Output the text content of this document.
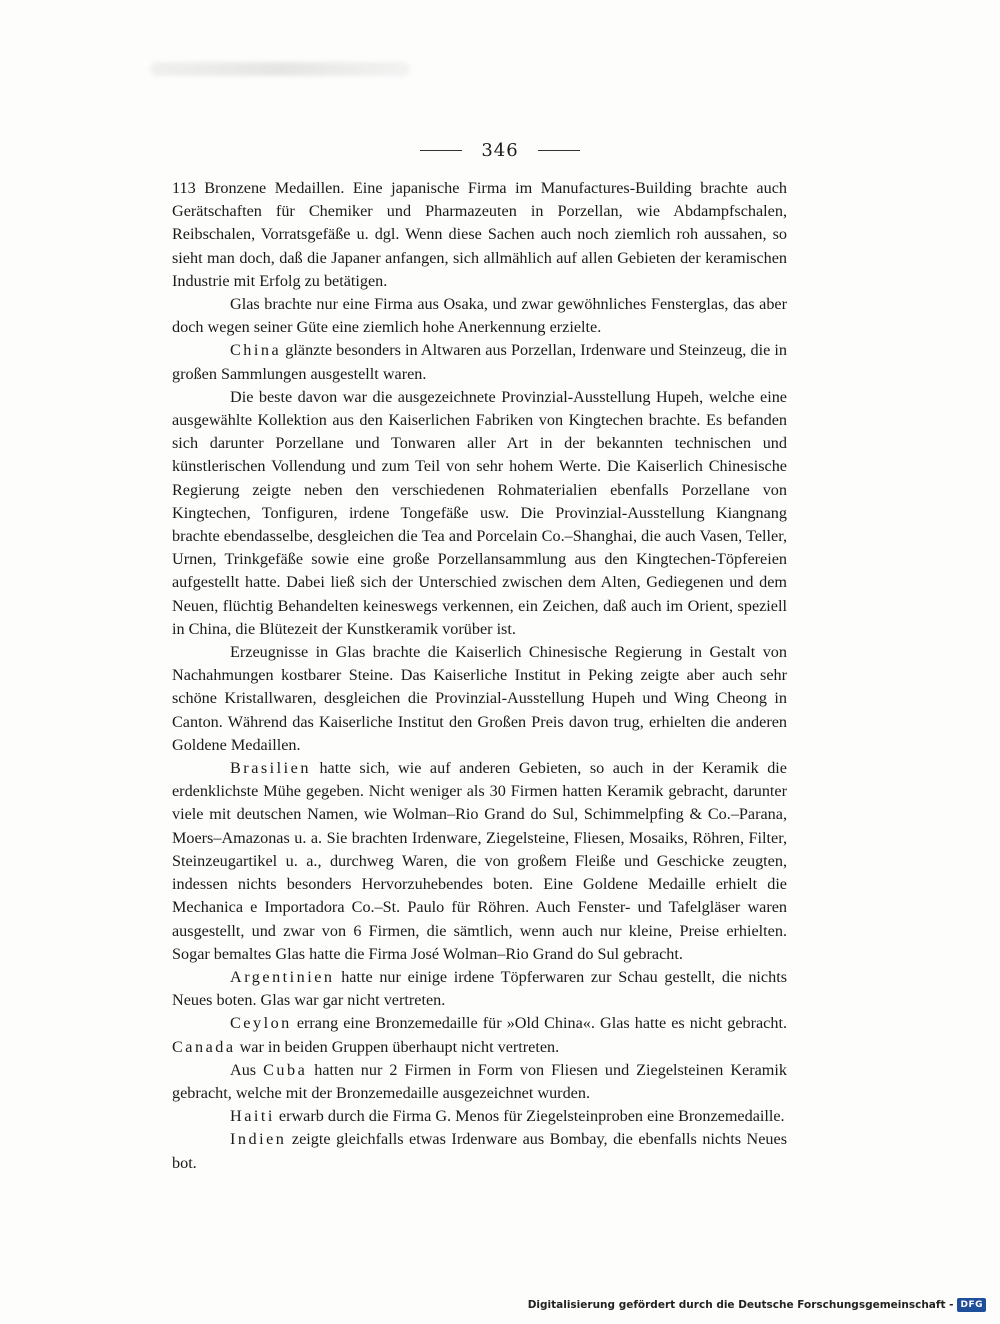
346

113 Bronzene Medaillen. Eine japanische Firma im Manufactures-Building brachte auch Gerätschaften für Chemiker und Pharmazeuten in Porzellan, wie Abdampfschalen, Reibschalen, Vorratsgefäße u. dgl. Wenn diese Sachen auch noch ziemlich roh aussahen, so sieht man doch, daß die Japaner anfangen, sich allmählich auf allen Gebieten der keramischen Industrie mit Erfolg zu betätigen.

Glas brachte nur eine Firma aus Osaka, und zwar gewöhnliches Fensterglas, das aber doch wegen seiner Güte eine ziemlich hohe Anerkennung erzielte.

China glänzte besonders in Altwaren aus Porzellan, Irdenware und Steinzeug, die in großen Sammlungen ausgestellt waren.

Die beste davon war die ausgezeichnete Provinzial-Ausstellung Hupeh, welche eine ausgewählte Kollektion aus den Kaiserlichen Fabriken von Kingtechen brachte. Es befanden sich darunter Porzellane und Tonwaren aller Art in der bekannten technischen und künstlerischen Vollendung und zum Teil von sehr hohem Werte. Die Kaiserlich Chinesische Regierung zeigte neben den verschiedenen Rohmaterialien ebenfalls Porzellane von Kingtechen, Tonfiguren, irdene Tongefäße usw. Die Provinzial-Ausstellung Kiangnang brachte ebendasselbe, desgleichen die Tea and Porcelain Co.–Shanghai, die auch Vasen, Teller, Urnen, Trinkgefäße sowie eine große Porzellansammlung aus den Kingtechen-Töpfereien aufgestellt hatte. Dabei ließ sich der Unterschied zwischen dem Alten, Gediegenen und dem Neuen, flüchtig Behandelten keineswegs verkennen, ein Zeichen, daß auch im Orient, speziell in China, die Blütezeit der Kunstkeramik vorüber ist.

Erzeugnisse in Glas brachte die Kaiserlich Chinesische Regierung in Gestalt von Nachahmungen kostbarer Steine. Das Kaiserliche Institut in Peking zeigte aber auch sehr schöne Kristallwaren, desgleichen die Provinzial-Ausstellung Hupeh und Wing Cheong in Canton. Während das Kaiserliche Institut den Großen Preis davon trug, erhielten die anderen Goldene Medaillen.

Brasilien hatte sich, wie auf anderen Gebieten, so auch in der Keramik die erdenklichste Mühe gegeben. Nicht weniger als 30 Firmen hatten Keramik gebracht, darunter viele mit deutschen Namen, wie Wolman–Rio Grand do Sul, Schimmelpfing & Co.–Parana, Moers–Amazonas u. a. Sie brachten Irdenware, Ziegelsteine, Fliesen, Mosaiks, Röhren, Filter, Steinzeugartikel u. a., durchweg Waren, die von großem Fleiße und Geschicke zeugten, indessen nichts besonders Hervorzuhebendes boten. Eine Goldene Medaille erhielt die Mechanica e Importadora Co.–St. Paulo für Röhren. Auch Fenster- und Tafelgläser waren ausgestellt, und zwar von 6 Firmen, die sämtlich, wenn auch nur kleine, Preise erhielten. Sogar bemaltes Glas hatte die Firma José Wolman–Rio Grand do Sul gebracht.

Argentinien hatte nur einige irdene Töpferwaren zur Schau gestellt, die nichts Neues boten. Glas war gar nicht vertreten.

Ceylon errang eine Bronzemedaille für »Old China«. Glas hatte es nicht gebracht. Canada war in beiden Gruppen überhaupt nicht vertreten.

Aus Cuba hatten nur 2 Firmen in Form von Fliesen und Ziegelsteinen Keramik gebracht, welche mit der Bronzemedaille ausgezeichnet wurden.

Haiti erwarb durch die Firma G. Menos für Ziegelsteinproben eine Bronzemedaille.

Indien zeigte gleichfalls etwas Irdenware aus Bombay, die ebenfalls nichts Neues bot.

Digitalisierung gefördert durch die Deutsche Forschungsgemeinschaft - DFG
